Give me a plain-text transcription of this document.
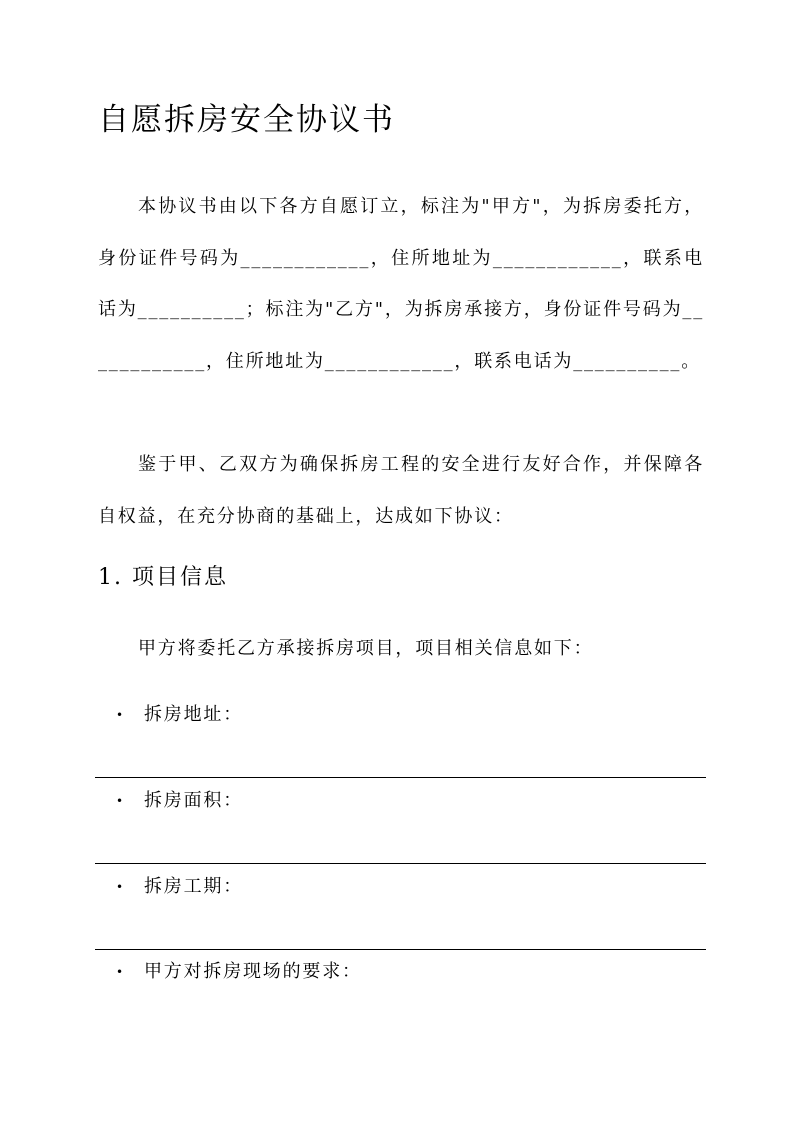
自愿拆房安全协议书

本协议书由以下各方自愿订立，标注为"甲方"，为拆房委托方，身份证件号码为____________，住所地址为____________，联系电话为__________；标注为"乙方"，为拆房承接方，身份证件号码为____________，住所地址为____________，联系电话为__________。

鉴于甲、乙双方为确保拆房工程的安全进行友好合作，并保障各自权益，在充分协商的基础上，达成如下协议：

1. 项目信息

甲方将委托乙方承接拆房项目，项目相关信息如下：

• 拆房地址：
• 拆房面积：
• 拆房工期：
• 甲方对拆房现场的要求：
